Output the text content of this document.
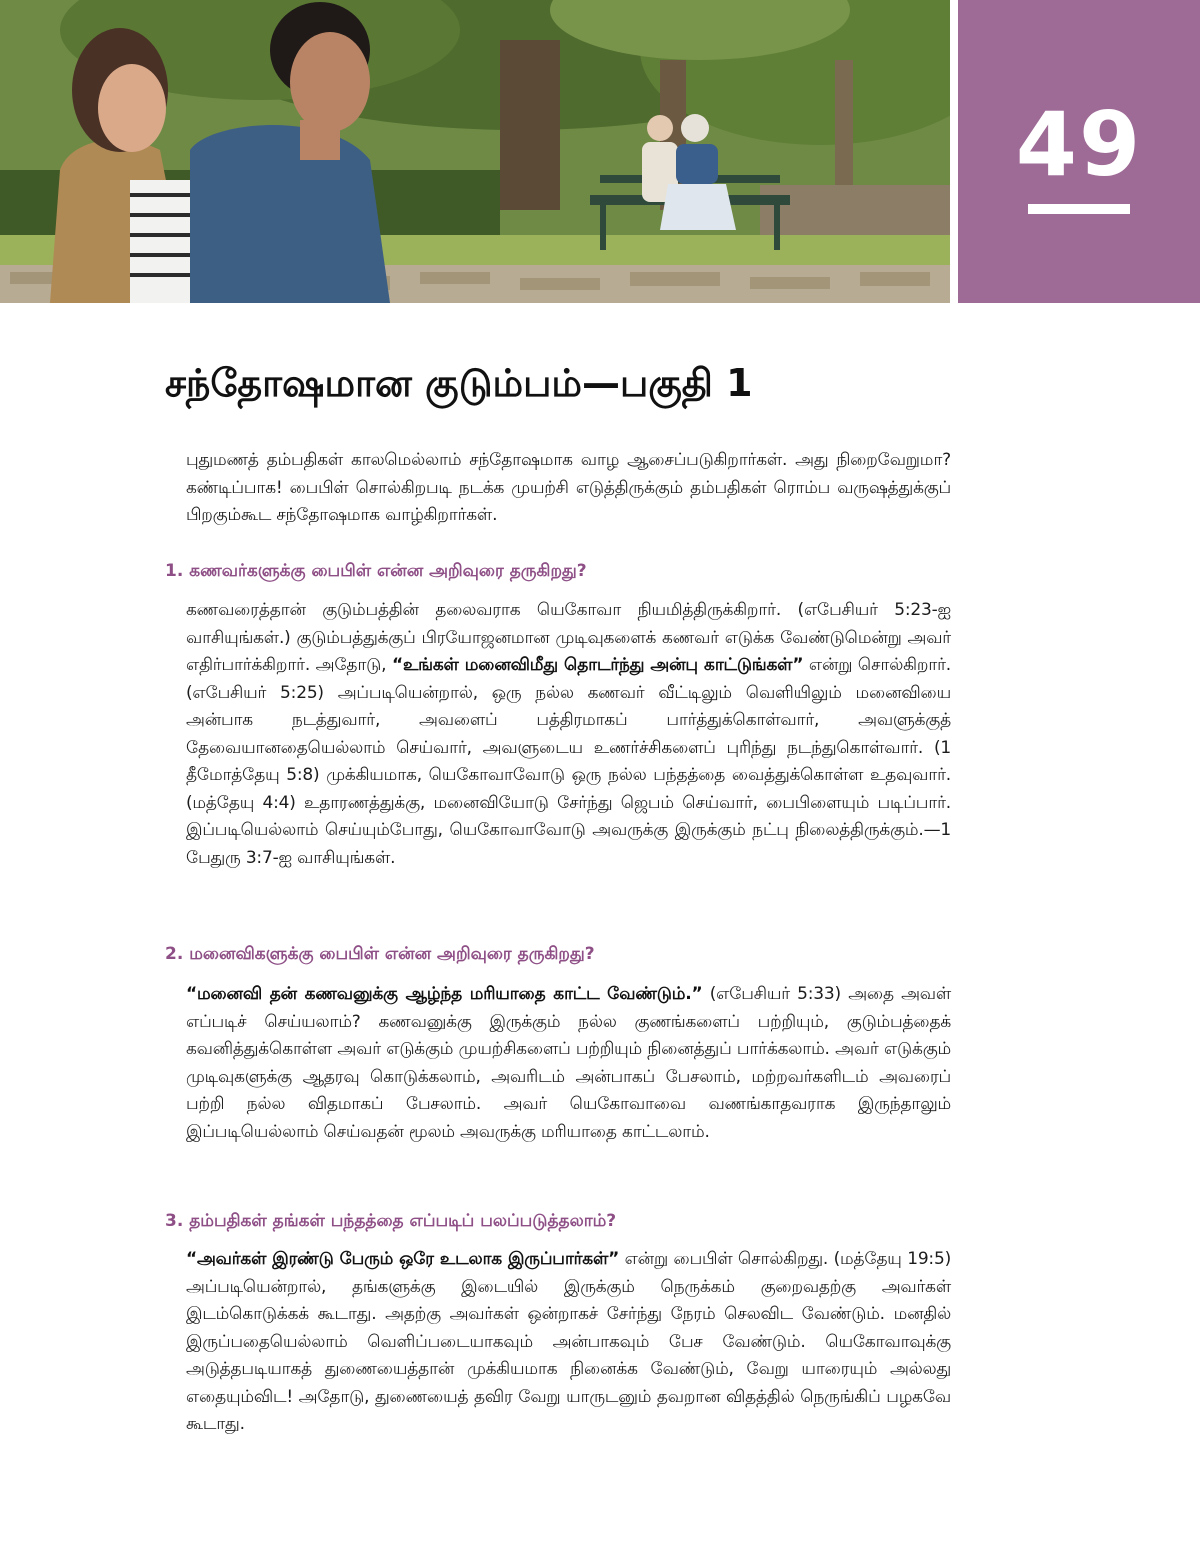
49
சந்தோஷமான குடும்பம்—பகுதி 1

புதுமணத் தம்பதிகள் காலமெல்லாம் சந்தோஷமாக வாழ ஆசைப்படுகிறார்கள். அது நிறைவேறுமா? கண்டிப்பாக! பைபிள் சொல்கிறபடி நடக்க முயற்சி எடுத்திருக்கும் தம்பதிகள் ரொம்ப வருஷத்துக்குப் பிறகும்கூட சந்தோஷமாக வாழ்கிறார்கள்.

1. கணவர்களுக்கு பைபிள் என்ன அறிவுரை தருகிறது?

கணவரைத்தான் குடும்பத்தின் தலைவராக யெகோவா நியமித்திருக்கிறார். (எபேசியர் 5:23-ஐ வாசியுங்கள்.) குடும்பத்துக்குப் பிரயோஜனமான முடிவுகளைக் கணவர் எடுக்க வேண்டுமென்று அவர் எதிர்பார்க்கிறார். அதோடு, “உங்கள் மனைவிமீது தொடர்ந்து அன்பு காட்டுங்கள்” என்று சொல்கிறார். (எபேசியர் 5:25) அப்படியென்றால், ஒரு நல்ல கணவர் வீட்டிலும் வெளியிலும் மனைவியை அன்பாக நடத்துவார், அவளைப் பத்திரமாகப் பார்த்துக்கொள்வார், அவளுக்குத் தேவையானதையெல்லாம் செய்வார், அவளுடைய உணர்ச்சிகளைப் புரிந்து நடந்துகொள்வார். (1 தீமோத்தேயு 5:8) முக்கியமாக, யெகோவாவோடு ஒரு நல்ல பந்தத்தை வைத்துக்கொள்ள உதவுவார். (மத்தேயு 4:4) உதாரணத்துக்கு, மனைவியோடு சேர்ந்து ஜெபம் செய்வார், பைபிளையும் படிப்பார். இப்படியெல்லாம் செய்யும்போது, யெகோவாவோடு அவருக்கு இருக்கும் நட்பு நிலைத்திருக்கும்.—1 பேதுரு 3:7-ஐ வாசியுங்கள்.

2. மனைவிகளுக்கு பைபிள் என்ன அறிவுரை தருகிறது?

“மனைவி தன் கணவனுக்கு ஆழ்ந்த மரியாதை காட்ட வேண்டும்.” (எபேசியர் 5:33) அதை அவள் எப்படிச் செய்யலாம்? கணவனுக்கு இருக்கும் நல்ல குணங்களைப் பற்றியும், குடும்பத்தைக் கவனித்துக்கொள்ள அவர் எடுக்கும் முயற்சிகளைப் பற்றியும் நினைத்துப் பார்க்கலாம். அவர் எடுக்கும் முடிவுகளுக்கு ஆதரவு கொடுக்கலாம், அவரிடம் அன்பாகப் பேசலாம், மற்றவர்களிடம் அவரைப் பற்றி நல்ல விதமாகப் பேசலாம். அவர் யெகோவாவை வணங்காதவராக இருந்தாலும் இப்படியெல்லாம் செய்வதன் மூலம் அவருக்கு மரியாதை காட்டலாம்.

3. தம்பதிகள் தங்கள் பந்தத்தை எப்படிப் பலப்படுத்தலாம்?

“அவர்கள் இரண்டு பேரும் ஒரே உடலாக இருப்பார்கள்” என்று பைபிள் சொல்கிறது. (மத்தேயு 19:5) அப்படியென்றால், தங்களுக்கு இடையில் இருக்கும் நெருக்கம் குறைவதற்கு அவர்கள் இடம்கொடுக்கக் கூடாது. அதற்கு அவர்கள் ஒன்றாகச் சேர்ந்து நேரம் செலவிட வேண்டும். மனதில் இருப்பதையெல்லாம் வெளிப்படையாகவும் அன்பாகவும் பேச வேண்டும். யெகோவாவுக்கு அடுத்தபடியாகத் துணையைத்தான் முக்கியமாக நினைக்க வேண்டும், வேறு யாரையும் அல்லது எதையும்விட! அதோடு, துணையைத் தவிர வேறு யாருடனும் தவறான விதத்தில் நெருங்கிப் பழகவே கூடாது.
